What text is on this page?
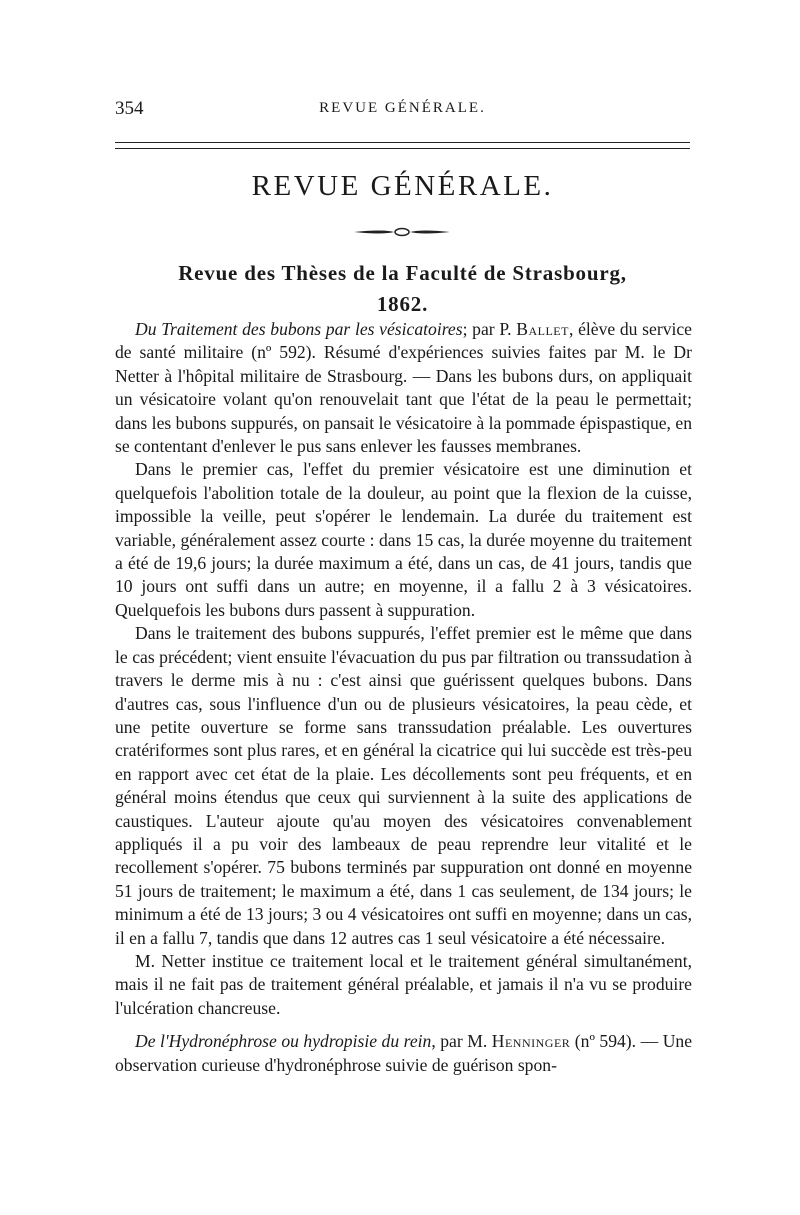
354	REVUE GÉNÉRALE.
REVUE GÉNÉRALE.
Revue des Thèses de la Faculté de Strasbourg,
1862.

Du Traitement des bubons par les vésicatoires; par P. Ballet, élève du service de santé militaire (nº 592). Résumé d'expériences suivies faites par M. le Dr Netter à l'hôpital militaire de Strasbourg. — Dans les bubons durs, on appliquait un vésicatoire volant qu'on renouvelait tant que l'état de la peau le permettait; dans les bubons suppurés, on pansait le vésicatoire à la pommade épispastique, en se contentant d'enlever le pus sans enlever les fausses membranes.

Dans le premier cas, l'effet du premier vésicatoire est une diminution et quelquefois l'abolition totale de la douleur, au point que la flexion de la cuisse, impossible la veille, peut s'opérer le lendemain. La durée du traitement est variable, généralement assez courte : dans 15 cas, la durée moyenne du traitement a été de 19,6 jours; la durée maximum a été, dans un cas, de 41 jours, tandis que 10 jours ont suffi dans un autre; en moyenne, il a fallu 2 à 3 vésicatoires. Quelquefois les bubons durs passent à suppuration.

Dans le traitement des bubons suppurés, l'effet premier est le même que dans le cas précédent; vient ensuite l'évacuation du pus par filtration ou transsudation à travers le derme mis à nu : c'est ainsi que guérissent quelques bubons. Dans d'autres cas, sous l'influence d'un ou de plusieurs vésicatoires, la peau cède, et une petite ouverture se forme sans transsudation préalable. Les ouvertures cratériformes sont plus rares, et en général la cicatrice qui lui succède est très-peu en rapport avec cet état de la plaie. Les décollements sont peu fréquents, et en général moins étendus que ceux qui surviennent à la suite des applications de caustiques. L'auteur ajoute qu'au moyen des vésicatoires convenablement appliqués il a pu voir des lambeaux de peau reprendre leur vitalité et le recollement s'opérer. 75 bubons terminés par suppuration ont donné en moyenne 51 jours de traitement; le maximum a été, dans 1 cas seulement, de 134 jours; le minimum a été de 13 jours; 3 ou 4 vésicatoires ont suffi en moyenne; dans un cas, il en a fallu 7, tandis que dans 12 autres cas 1 seul vésicatoire a été nécessaire.

M. Netter institue ce traitement local et le traitement général simultanément, mais il ne fait pas de traitement général préalable, et jamais il n'a vu se produire l'ulcération chancreuse.

De l'Hydronéphrose ou hydropisie du rein, par M. Henninger (nº 594). — Une observation curieuse d'hydronéphrose suivie de guérison spon-
